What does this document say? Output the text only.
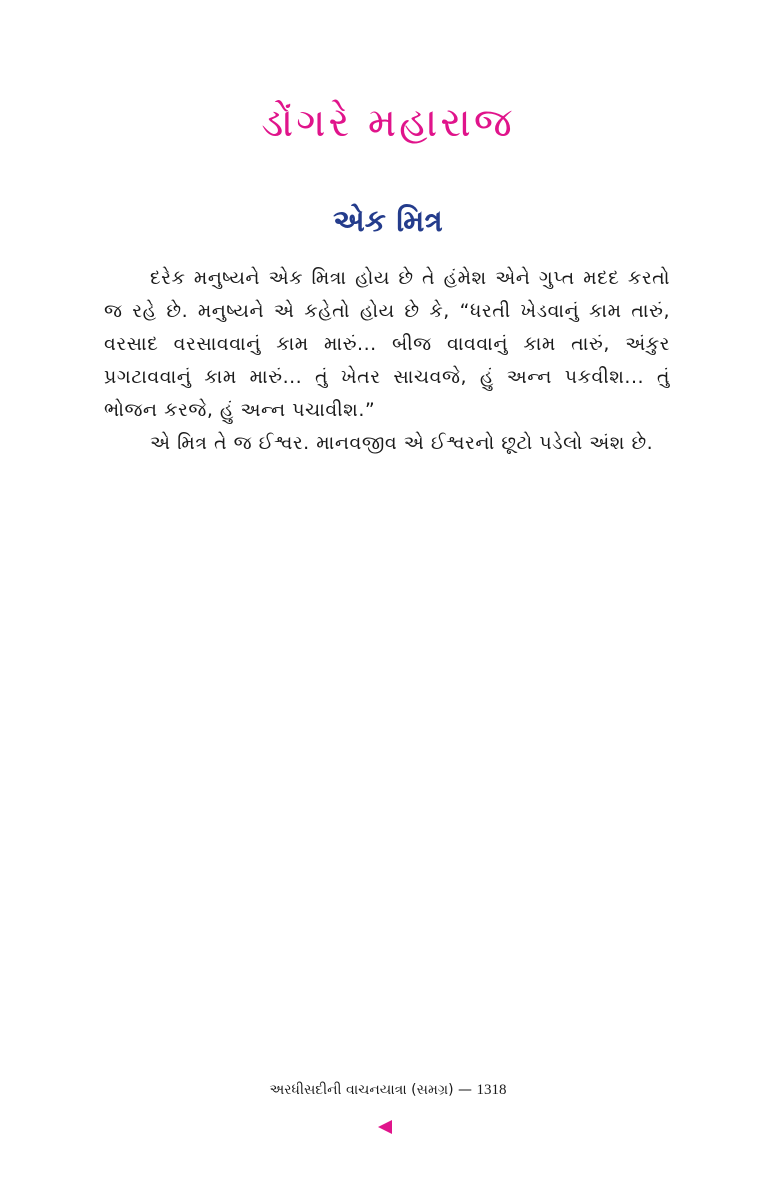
ડોંગરે મહારાજ
એક મિત્ર

દરેક મનુષ્યને એક મિત્રા હોય છે તે હંમેશ એને ગુપ્ત મદદ કરતો જ રહે છે. મનુષ્યને એ કહેતો હોય છે કે, “ધરતી ખેડવાનું કામ તારું, વરસાદ વરસાવવાનું કામ મારું... બીજ વાવવાનું કામ તારું, અંકુર પ્રગટાવવાનું કામ મારું... તું ખેતર સાચવજે, હું અન્ન પકવીશ... તું ભોજન કરજે, હું અન્ન પચાવીશ.”

એ મિત્ર તે જ ઈશ્વર. માનવજીવ એ ઈશ્વરનો છૂટો પડેલો અંશ છે.

અરધીસદીની વાચનયાત્રા (સમગ્ર) — 1318
